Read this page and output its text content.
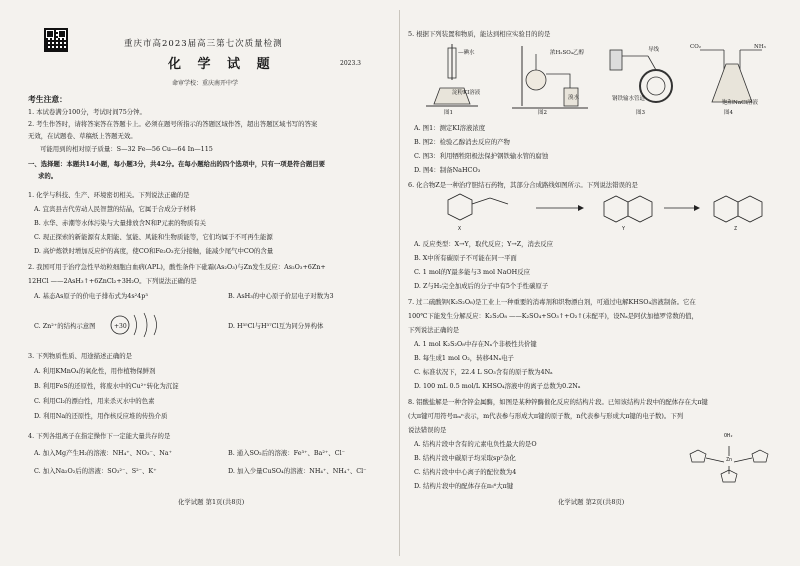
重庆市高2023届高三第七次质量检测
化 学 试 题	2023.3
命审学校：重庆南开中学
考生注意：
1. 本试卷满分100分，考试时间75分钟。
2. 考生作答时，请将答案答在答题卡上。必须在题号所指示的答题区域作答，超出答题区域书写的答案
无效，在试题卷、草稿纸上答题无效。
可能用到的相对原子质量：S—32 Fe—56 Cu—64 In—115
一、选择题：本题共14小题，每小题3分，共42分。在每小题给出的四个选项中，只有一项是符合题目要
求的。
1. 化学与科技、生产、环境密切相关。下列说法正确的是
A. 宜宾县古代劳动人民智慧的结晶，它属于合成分子材料
B. 水华、赤潮等水体污染与大量排放含N和P元素的物质有关
C. 现正探索的新能源有太阳能、氢能、风能和生物质能等，它们均属于不可再生能源
D. 高炉炼铁时增加反应炉的高度，使CO和Fe₂O₃充分接触，能减少尾气中CO的含量
2. 我国可用于治疗急性早幼粒细胞白血病(APL)，酸性条件下砒霜(As₂O₃)与Zn发生反应：As₂O₃+6Zn+
12HCl ——2AsH₃↑+6ZnCl₂+3H₂O。下列说法正确的是
A. 基态As原子的价电子排布式为4s²4p³	B. AsH₃的中心原子价层电子对数为3
C. Zn²⁺的结构示意图	+30	D. H³⁵Cl与H³⁷Cl互为同分异构体
3. 下列物质性质、用途描述正确的是
A. 利用KMnO₄的氧化性，用作植物保鲜剂
B. 利用FeS的还原性，将废水中的Cu²⁺转化为沉淀
C. 利用Cl₂的漂白性，用来杀灭水中的色素
D. 利用Na的还原性，用作核反应堆的传热介质
4. 下列各组离子在指定操作下一定能大量共存的是
A. 加入Mg产生H₂的溶液：NH₄⁺、NO₃⁻、Na⁺	B. 通入SO₂后的溶液：Fe³⁺、Ba²⁺、Cl⁻
C. 加入Na₂O₂后的溶液：SO₃²⁻、S²⁻、K⁺	D. 加入少量CuSO₄的溶液：NH₄⁺、NH₄⁺、Cl⁻
化学试题 第1页(共8页)
5. 根据下列装置和物质，能达到相应实验目的的是
—碘水
淀粉KI溶液
图1
浓H₂SO₄乙醇
溴水
图2
导线
钢铁输水管道
图3
CO₂	NH₃
饱和NaCl溶液
图4
A. 图1：测定KI溶液浓度
B. 图2：检验乙醇消去反应的产物
C. 图3：利用牺牲阳极法保护钢铁输水管的腐蚀
D. 图4：制备NaHCO₃
6. 化合物Z是一种治疗胆结石药物，其部分合成路线如图所示。下列说法错误的是
X	Y	Z
A. 反应类型：X→Y，取代反应；Y→Z，消去反应
B. X中所有碳原子不可能在同一平面
C. 1 mol的Y最多能与3 mol NaOH反应
D. Z与H₂完全加成后的分子中有5个手性碳原子
7. 过二硫酸钾(K₂S₂O₈)是工业上一种重要的消毒剂和织物漂白剂，可通过电解KHSO₄溶液制备。它在
100℃下能发生分解反应：K₂S₂O₈ ——K₂SO₄+SO₃↑+O₂↑(未配平)，设Nₐ是阿伏加德罗常数的值，
下列说法正确的是
A. 1 mol K₂S₂O₈中存在Nₐ个非极性共价键
B. 每生成1 mol O₂，转移4Nₐ电子
C. 标准状况下，22.4 L SO₃含有的原子数为4Nₐ
D. 100 mL 0.5 mol/L KHSO₄溶液中的离子总数为0.2Nₐ
8. 铝酸盐解是一种含锌金属酶，如图是某种锌酶催化反应的结构片段。已知该结构片段中的配体存在大π键
(大π键可用符号πₘⁿ表示，m代表参与形成大π键的原子数，n代表参与形成大π键的电子数)。下列
说法错误的是
A. 结构片段中含有的元素电负性最大的是O
B. 结构片段中碳原子均采取sp²杂化
C. 结构片段中中心离子的配位数为4
D. 结构片段中的配体存在π₅⁶大π键
OH₂
Zn
化学试题 第2页(共8页)
